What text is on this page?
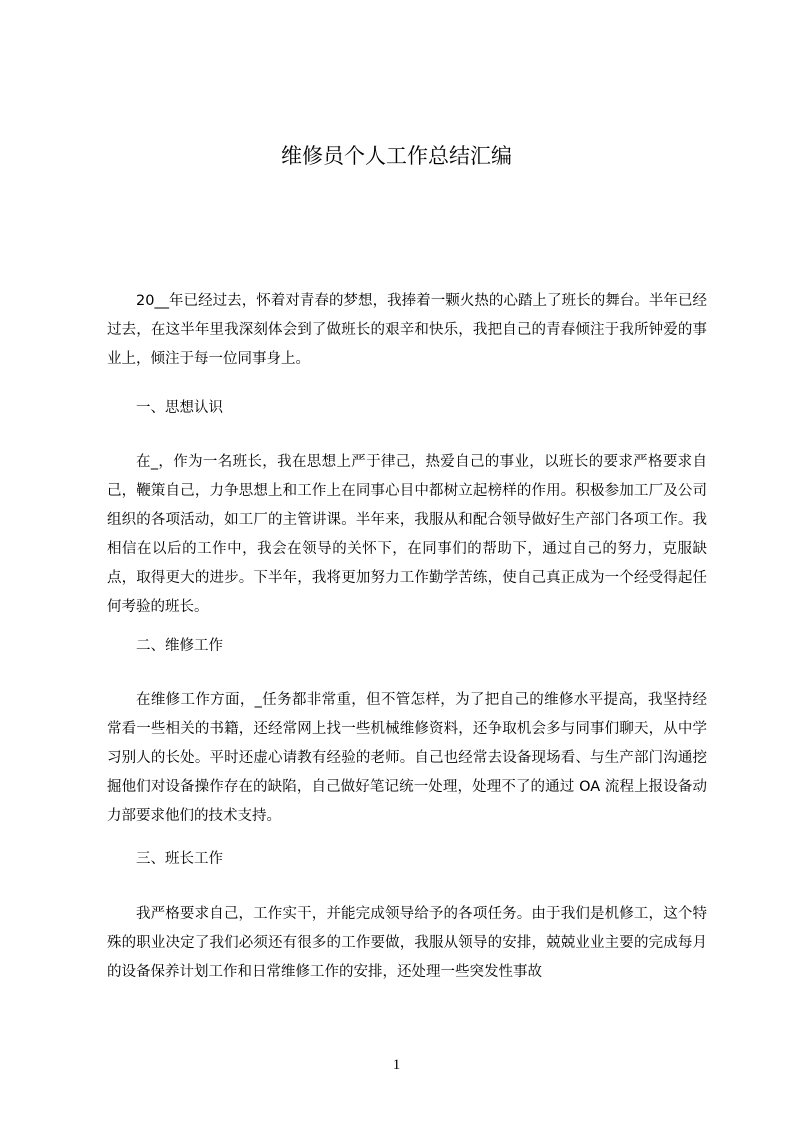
维修员个人工作总结汇编

20__年已经过去，怀着对青春的梦想，我捧着一颗火热的心踏上了班长的舞台。半年已经过去，在这半年里我深刻体会到了做班长的艰辛和快乐，我把自己的青春倾注于我所钟爱的事业上，倾注于每一位同事身上。

一、思想认识

在_，作为一名班长，我在思想上严于律己，热爱自己的事业，以班长的要求严格要求自己，鞭策自己，力争思想上和工作上在同事心目中都树立起榜样的作用。积极参加工厂及公司组织的各项活动，如工厂的主管讲课。半年来，我服从和配合领导做好生产部门各项工作。我相信在以后的工作中，我会在领导的关怀下，在同事们的帮助下，通过自己的努力，克服缺点，取得更大的进步。下半年，我将更加努力工作勤学苦练，使自己真正成为一个经受得起任何考验的班长。

二、维修工作

在维修工作方面，_任务都非常重，但不管怎样，为了把自己的维修水平提高，我坚持经常看一些相关的书籍，还经常网上找一些机械维修资料，还争取机会多与同事们聊天，从中学习别人的长处。平时还虚心请教有经验的老师。自己也经常去设备现场看、与生产部门沟通挖掘他们对设备操作存在的缺陷，自己做好笔记统一处理，处理不了的通过 OA 流程上报设备动力部要求他们的技术支持。

三、班长工作

我严格要求自己，工作实干，并能完成领导给予的各项任务。由于我们是机修工，这个特殊的职业决定了我们必须还有很多的工作要做，我服从领导的安排，兢兢业业主要的完成每月的设备保养计划工作和日常维修工作的安排，还处理一些突发性事故

1
